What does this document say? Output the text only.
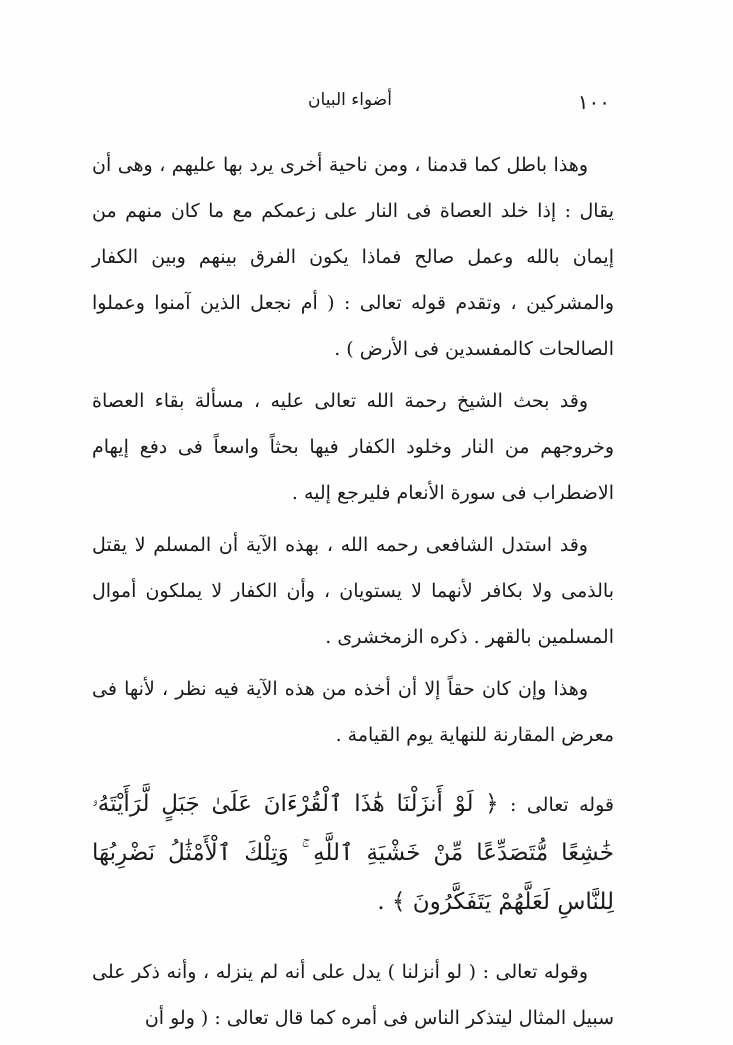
١٠٠
أضواء البيان

وهذا باطل كما قدمنا ، ومن ناحية أخرى يرد بها عليهم ، وهى أن يقال : إذا خلد العصاة فى النار على زعمكم مع ما كان منهم من إيمان بالله وعمل صالح فماذا يكون الفرق بينهم وبين الكفار والمشركين ، وتقدم قوله تعالى : ( أم نجعل الذين آمنوا وعملوا الصالحات كالمفسدين فى الأرض ) .

وقد بحث الشيخ رحمة الله تعالى عليه ، مسألة بقاء العصاة وخروجهم من النار وخلود الكفار فيها بحثاً واسعاً فى دفع إيهام الاضطراب فى سورة الأنعام فليرجع إليه .

وقد استدل الشافعى رحمه الله ، بهذه الآية أن المسلم لا يقتل بالذمى ولا بكافر لأنهما لا يستويان ، وأن الكفار لا يملكون أموال المسلمين بالقهر . ذكره الزمخشرى .

وهذا وإن كان حقاً إلا أن أخذه من هذه الآية فيه نظر ، لأنها فى معرض المقارنة للنهاية يوم القيامة .

قوله تعالى : ﴿ لَوْ أَنزَلْنَا هَٰذَا ٱلْقُرْءَانَ عَلَىٰ جَبَلٍ لَّرَأَيْتَهُۥ خَٰشِعًا مُّتَصَدِّعًا مِّنْ خَشْيَةِ ٱللَّهِ ۚ وَتِلْكَ ٱلْأَمْثَٰلُ نَضْرِبُهَا لِلنَّاسِ لَعَلَّهُمْ يَتَفَكَّرُونَ ﴾ .

وقوله تعالى : ( لو أنزلنا ) يدل على أنه لم ينزله ، وأنه ذكر على سبيل المثال ليتذكر الناس فى أمره كما قال تعالى : ( ولو أن
